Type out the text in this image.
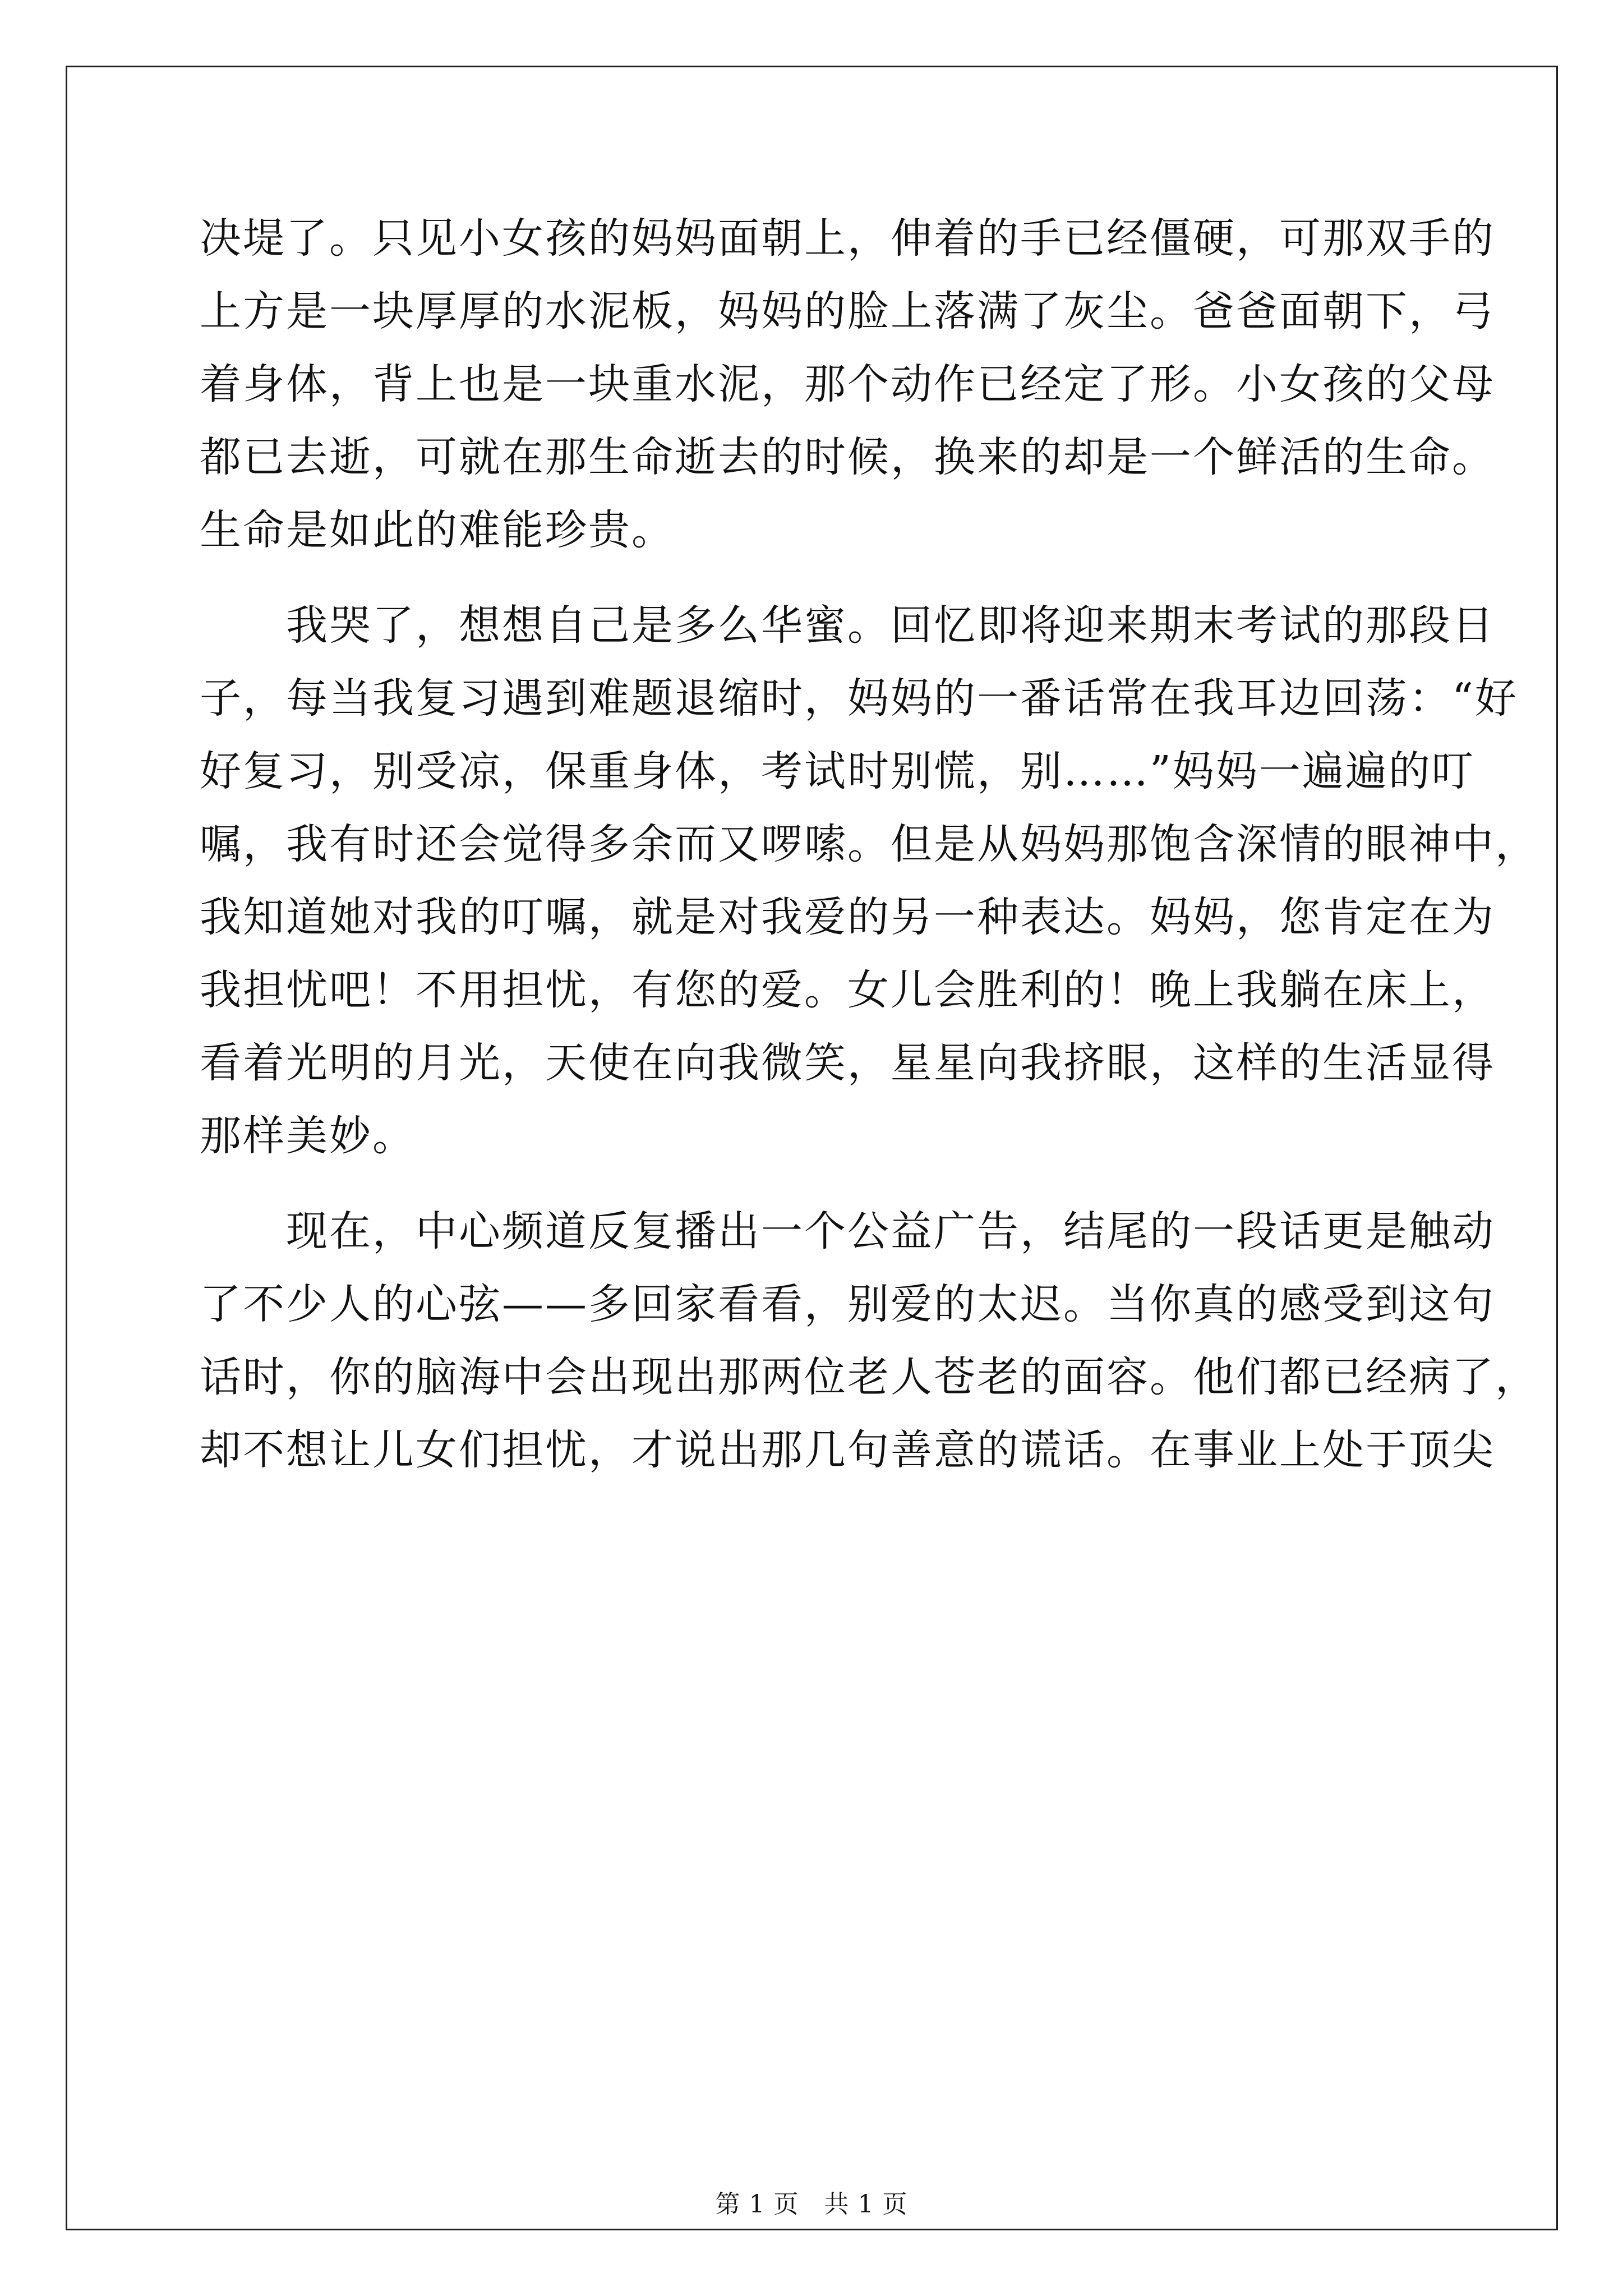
决堤了。只见小女孩的妈妈面朝上，伸着的手已经僵硬，可那双手的
上方是一块厚厚的水泥板，妈妈的脸上落满了灰尘。爸爸面朝下，弓
着身体，背上也是一块重水泥，那个动作已经定了形。小女孩的父母
都已去逝，可就在那生命逝去的时候，换来的却是一个鲜活的生命。
生命是如此的难能珍贵。
　　我哭了，想想自己是多么华蜜。回忆即将迎来期末考试的那段日
子，每当我复习遇到难题退缩时，妈妈的一番话常在我耳边回荡：“好
好复习，别受凉，保重身体，考试时别慌，别……”妈妈一遍遍的叮
嘱，我有时还会觉得多余而又啰嗦。但是从妈妈那饱含深情的眼神中，
我知道她对我的叮嘱，就是对我爱的另一种表达。妈妈，您肯定在为
我担忧吧！不用担忧，有您的爱。女儿会胜利的！晚上我躺在床上，
看着光明的月光，天使在向我微笑，星星向我挤眼，这样的生活显得
那样美妙。
　　现在，中心频道反复播出一个公益广告，结尾的一段话更是触动
了不少人的心弦——多回家看看，别爱的太迟。当你真的感受到这句
话时，你的脑海中会出现出那两位老人苍老的面容。他们都已经病了，
却不想让儿女们担忧，才说出那几句善意的谎话。在事业上处于顶尖
第 1 页　共 1 页
